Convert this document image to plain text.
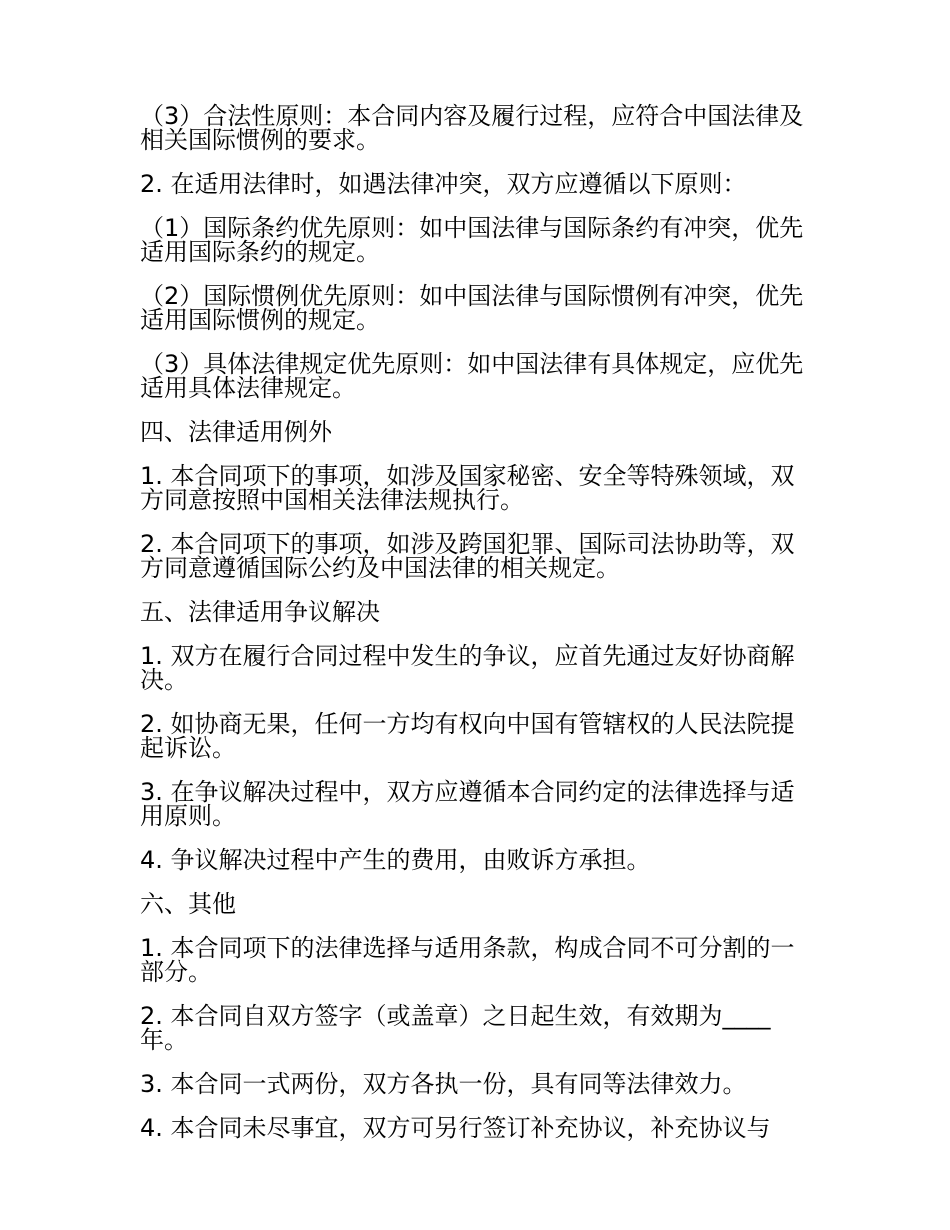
（3）合法性原则：本合同内容及履行过程，应符合中国法律及相关国际惯例的要求。

2. 在适用法律时，如遇法律冲突，双方应遵循以下原则：

（1）国际条约优先原则：如中国法律与国际条约有冲突，优先适用国际条约的规定。

（2）国际惯例优先原则：如中国法律与国际惯例有冲突，优先适用国际惯例的规定。

（3）具体法律规定优先原则：如中国法律有具体规定，应优先适用具体法律规定。

四、法律适用例外

1. 本合同项下的事项，如涉及国家秘密、安全等特殊领域，双方同意按照中国相关法律法规执行。

2. 本合同项下的事项，如涉及跨国犯罪、国际司法协助等，双方同意遵循国际公约及中国法律的相关规定。

五、法律适用争议解决

1. 双方在履行合同过程中发生的争议，应首先通过友好协商解决。

2. 如协商无果，任何一方均有权向中国有管辖权的人民法院提起诉讼。

3. 在争议解决过程中，双方应遵循本合同约定的法律选择与适用原则。

4. 争议解决过程中产生的费用，由败诉方承担。

六、其他

1. 本合同项下的法律选择与适用条款，构成合同不可分割的一部分。

2. 本合同自双方签字（或盖章）之日起生效，有效期为____年。

3. 本合同一式两份，双方各执一份，具有同等法律效力。

4. 本合同未尽事宜，双方可另行签订补充协议，补充协议与
